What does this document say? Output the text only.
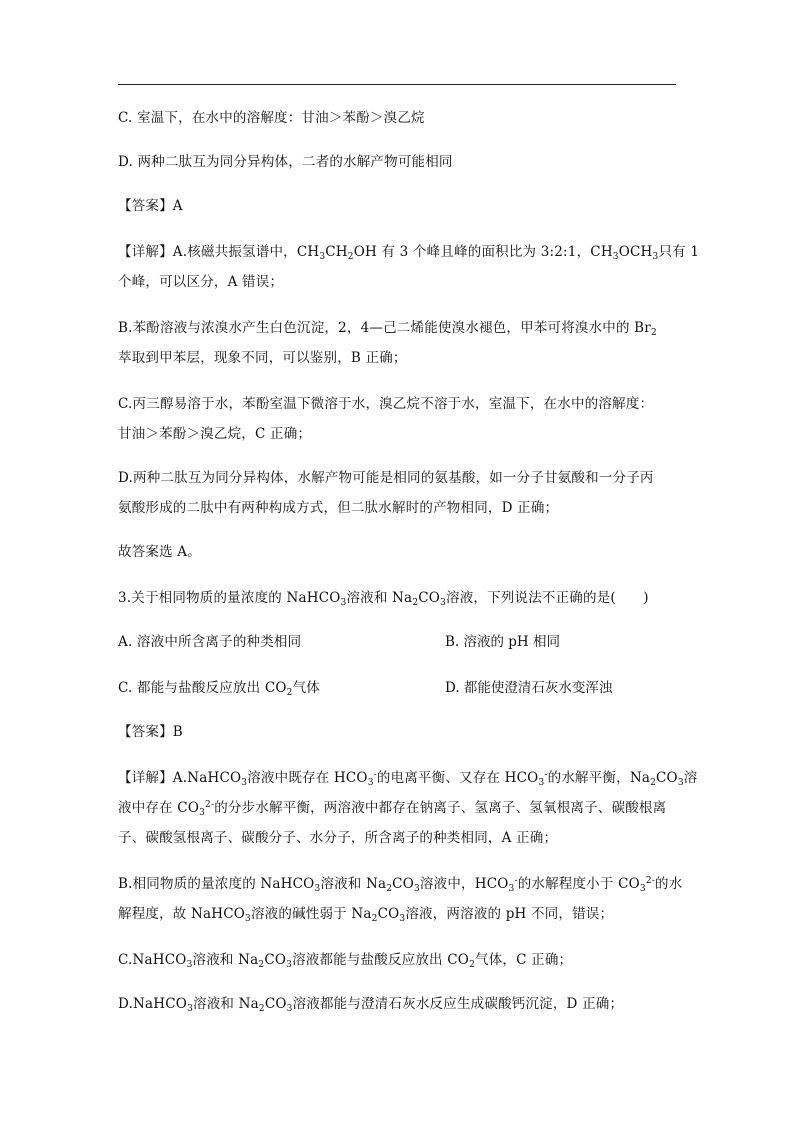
C. 室温下，在水中的溶解度：甘油＞苯酚＞溴乙烷
D. 两种二肽互为同分异构体，二者的水解产物可能相同
【答案】A
【详解】A.核磁共振氢谱中，$CH_3CH_2OH$ 有 3 个峰且峰的面积比为 3:2:1，$CH_3OCH_3$只有 1
个峰，可以区分，A 错误；
B.苯酚溶液与浓溴水产生白色沉淀，2，4—己二烯能使溴水褪色，甲苯可将溴水中的 $Br_2$
萃取到甲苯层，现象不同，可以鉴别，B 正确；
C.丙三醇易溶于水，苯酚室温下微溶于水，溴乙烷不溶于水，室温下，在水中的溶解度：
甘油＞苯酚＞溴乙烷，C 正确；
D.两种二肽互为同分异构体，水解产物可能是相同的氨基酸，如一分子甘氨酸和一分子丙
氨酸形成的二肽中有两种构成方式，但二肽水解时的产物相同，D 正确；
故答案选 A。
3.关于相同物质的量浓度的 NaHCO$_3$溶液和 $Na_2CO_3$溶液，下列说法不正确的是(　　)
A. 溶液中所含离子的种类相同	B. 溶液的 pH 相同
C. 都能与盐酸反应放出 $CO_2$气体	D. 都能使澄清石灰水变浑浊
【答案】B
【详解】A.NaHCO$_3$溶液中既存在 $HCO_3^-$的电离平衡、又存在 $HCO_3^-$的水解平衡，$Na_2CO_3$溶
液中存在 $CO_3^{2-}$的分步水解平衡，两溶液中都存在钠离子、氢离子、氢氧根离子、碳酸根离
子、碳酸氢根离子、碳酸分子、水分子，所含离子的种类相同，A 正确；
B.相同物质的量浓度的 NaHCO$_3$溶液和 $Na_2CO_3$溶液中，$HCO_3^-$的水解程度小于 $CO_3^{2-}$的水
解程度，故 NaHCO$_3$溶液的碱性弱于 $Na_2CO_3$溶液，两溶液的 pH 不同，错误；
C.NaHCO$_3$溶液和 $Na_2CO_3$溶液都能与盐酸反应放出 $CO_2$气体，C 正确；
D.NaHCO$_3$溶液和 $Na_2CO_3$溶液都能与澄清石灰水反应生成碳酸钙沉淀，D 正确；
